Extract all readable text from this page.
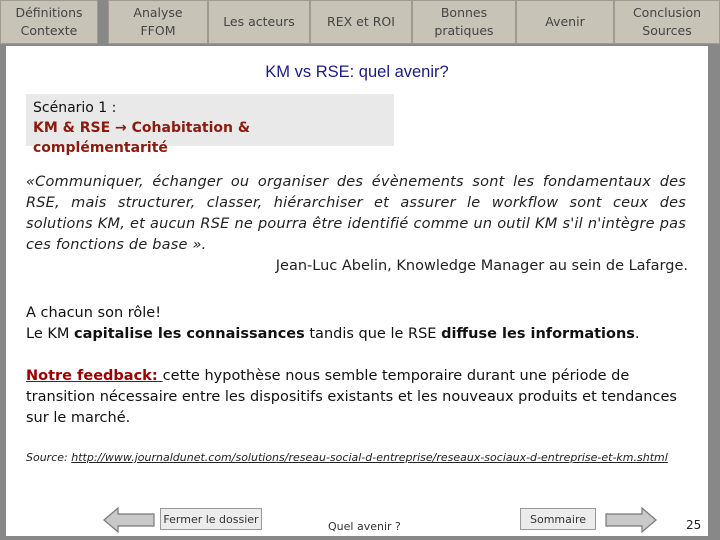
Définitions
Contexte
Analyse
FFOM
Les acteurs	REX et ROI
Bonnes
pratiques
Avenir
Conclusion
Sources
KM vs RSE: quel avenir?
Scénario 1 :
KM & RSE → Cohabitation & complémentarité
«Communiquer, échanger ou organiser des évènements sont les fondamentaux des RSE, mais structurer, classer, hiérarchiser et assurer le workflow sont ceux des solutions KM, et aucun RSE ne pourra être identifié comme un outil KM s'il n'intègre pas ces fonctions de base ».
Jean-Luc Abelin, Knowledge Manager au sein de Lafarge.
A chacun son rôle!
Le KM capitalise les connaissances tandis que le RSE diffuse les informations.
Notre feedback: cette hypothèse nous semble temporaire durant une période de transition nécessaire entre les dispositifs existants et les nouveaux produits et tendances sur le marché.
Source: http://www.journaldunet.com/solutions/reseau-social-d-entreprise/reseaux-sociaux-d-entreprise-et-km.shtml
Fermer le dossier
Quel avenir ?
Sommaire	25
